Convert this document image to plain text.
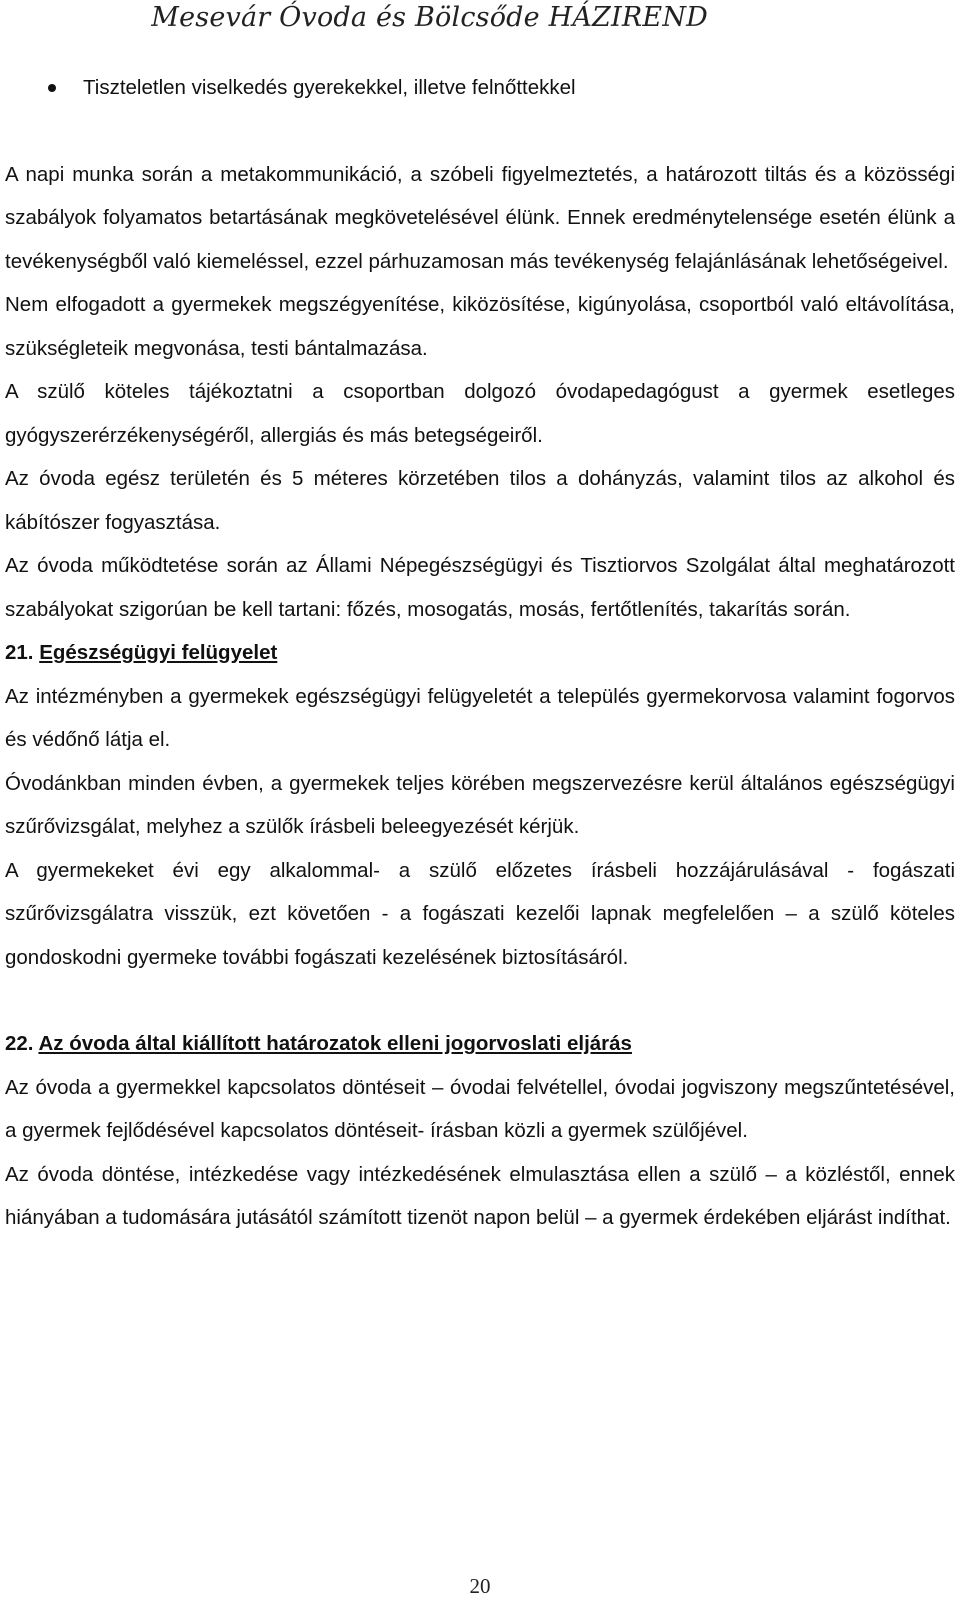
Mesevár Óvoda és Bölcsőde HÁZIREND
Tiszteletlen viselkedés gyerekekkel, illetve felnőttekkel

A napi munka során a metakommunikáció, a szóbeli figyelmeztetés, a határozott tiltás és a közösségi szabályok folyamatos betartásának megkövetelésével élünk. Ennek eredménytelensége esetén élünk a tevékenységből való kiemeléssel, ezzel párhuzamosan más tevékenység felajánlásának lehetőségeivel.

Nem elfogadott a gyermekek megszégyenítése, kiközösítése, kigúnyolása, csoportból való eltávolítása, szükségleteik megvonása, testi bántalmazása.

A szülő köteles tájékoztatni a csoportban dolgozó óvodapedagógust a gyermek esetleges gyógyszerérzékenységéről, allergiás és más betegségeiről.

Az óvoda egész területén és 5 méteres körzetében tilos a dohányzás, valamint tilos az alkohol és kábítószer fogyasztása.

Az óvoda működtetése során az Állami Népegészségügyi és Tisztiorvos Szolgálat által meghatározott szabályokat szigorúan be kell tartani: főzés, mosogatás, mosás, fertőtlenítés, takarítás során.

21. Egészségügyi felügyelet

Az intézményben a gyermekek egészségügyi felügyeletét a település gyermekorvosa valamint fogorvos és védőnő látja el.

Óvodánkban minden évben, a gyermekek teljes körében megszervezésre kerül általános egészségügyi szűrővizsgálat, melyhez a szülők írásbeli beleegyezését kérjük.

A gyermekeket évi egy alkalommal- a szülő előzetes írásbeli hozzájárulásával - fogászati szűrővizsgálatra visszük, ezt követően - a fogászati kezelői lapnak megfelelően – a szülő köteles gondoskodni gyermeke további fogászati kezelésének biztosításáról.

22. Az óvoda által kiállított határozatok elleni jogorvoslati eljárás

Az óvoda a gyermekkel kapcsolatos döntéseit – óvodai felvétellel, óvodai jogviszony megszűntetésével, a gyermek fejlődésével kapcsolatos döntéseit- írásban közli a gyermek szülőjével.

Az óvoda döntése, intézkedése vagy intézkedésének elmulasztása ellen a szülő – a közléstől, ennek hiányában a tudomására jutásától számított tizenöt napon belül – a gyermek érdekében eljárást indíthat.

20
